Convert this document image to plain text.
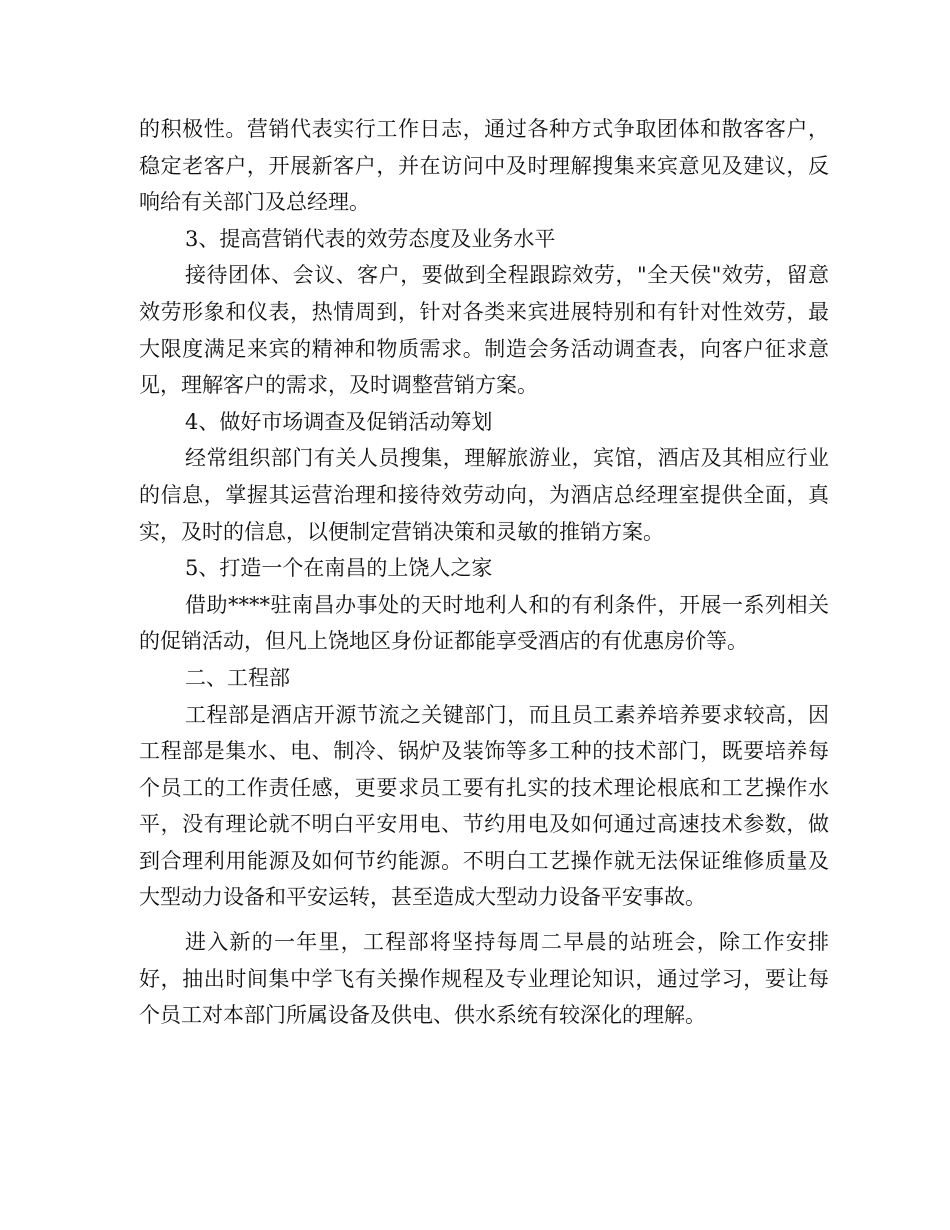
的积极性。营销代表实行工作日志，通过各种方式争取团体和散客客户，稳定老客户，开展新客户，并在访问中及时理解搜集来宾意见及建议，反响给有关部门及总经理。

3、提高营销代表的效劳态度及业务水平

接待团体、会议、客户，要做到全程跟踪效劳，"全天侯"效劳，留意效劳形象和仪表，热情周到，针对各类来宾进展特别和有针对性效劳，最大限度满足来宾的精神和物质需求。制造会务活动调查表，向客户征求意见，理解客户的需求，及时调整营销方案。

4、做好市场调查及促销活动筹划

经常组织部门有关人员搜集，理解旅游业，宾馆，酒店及其相应行业的信息，掌握其运营治理和接待效劳动向，为酒店总经理室提供全面，真实，及时的信息，以便制定营销决策和灵敏的推销方案。

5、打造一个在南昌的上饶人之家

借助****驻南昌办事处的天时地利人和的有利条件，开展一系列相关的促销活动，但凡上饶地区身份证都能享受酒店的有优惠房价等。

二、工程部

工程部是酒店开源节流之关键部门，而且员工素养培养要求较高，因工程部是集水、电、制冷、锅炉及装饰等多工种的技术部门，既要培养每个员工的工作责任感，更要求员工要有扎实的技术理论根底和工艺操作水平，没有理论就不明白平安用电、节约用电及如何通过高速技术参数，做到合理利用能源及如何节约能源。不明白工艺操作就无法保证维修质量及大型动力设备和平安运转，甚至造成大型动力设备平安事故。

进入新的一年里，工程部将坚持每周二早晨的站班会，除工作安排好，抽出时间集中学飞有关操作规程及专业理论知识，通过学习，要让每个员工对本部门所属设备及供电、供水系统有较深化的理解。
